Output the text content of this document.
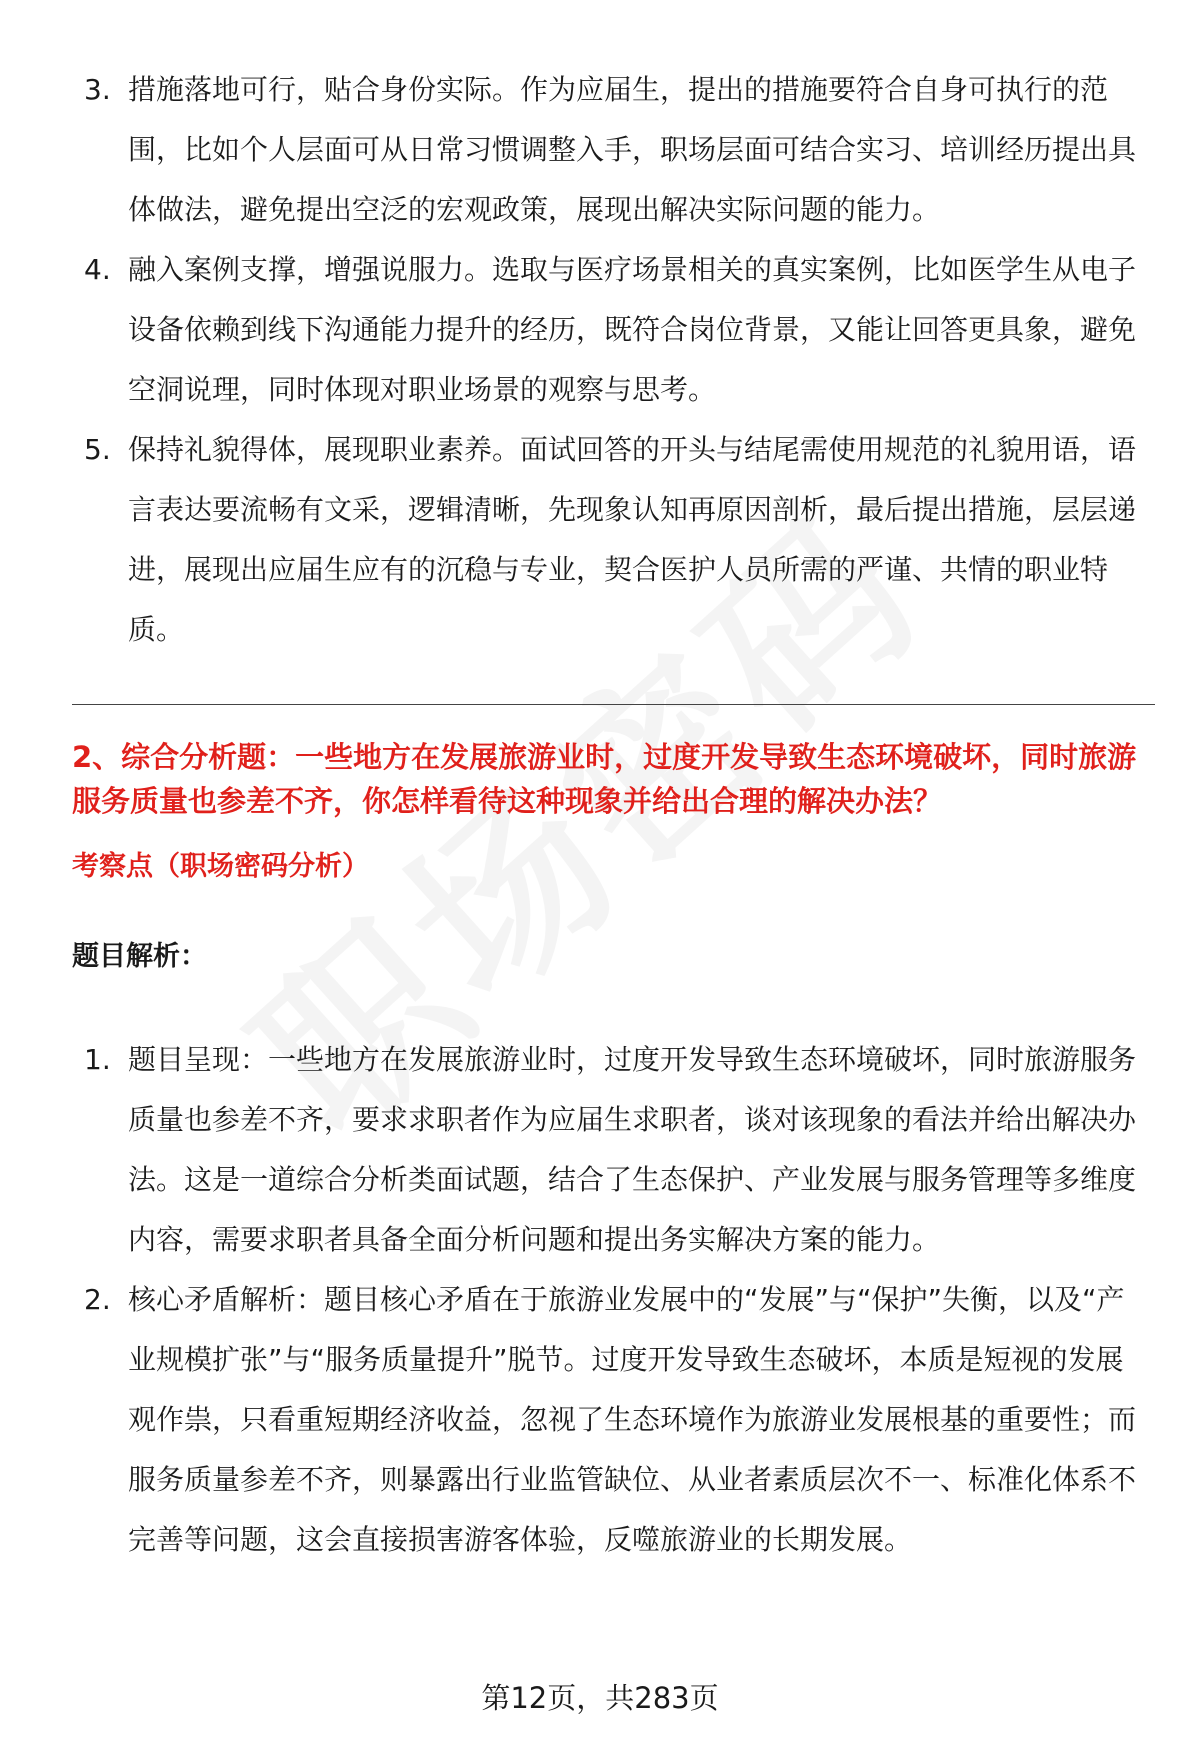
3. 措施落地可行，贴合身份实际。作为应届生，提出的措施要符合自身可执行的范围，比如个人层面可从日常习惯调整入手，职场层面可结合实习、培训经历提出具体做法，避免提出空泛的宏观政策，展现出解决实际问题的能力。
4. 融入案例支撑，增强说服力。选取与医疗场景相关的真实案例，比如医学生从电子设备依赖到线下沟通能力提升的经历，既符合岗位背景，又能让回答更具象，避免空洞说理，同时体现对职业场景的观察与思考。
5. 保持礼貌得体，展现职业素养。面试回答的开头与结尾需使用规范的礼貌用语，语言表达要流畅有文采，逻辑清晰，先现象认知再原因剖析，最后提出措施，层层递进，展现出应届生应有的沉稳与专业，契合医护人员所需的严谨、共情的职业特质。

2、综合分析题：一些地方在发展旅游业时，过度开发导致生态环境破坏，同时旅游服务质量也参差不齐，你怎样看待这种现象并给出合理的解决办法？

考察点（职场密码分析）

题目解析：

1. 题目呈现：一些地方在发展旅游业时，过度开发导致生态环境破坏，同时旅游服务质量也参差不齐，要求求职者作为应届生求职者，谈对该现象的看法并给出解决办法。这是一道综合分析类面试题，结合了生态保护、产业发展与服务管理等多维度内容，需要求职者具备全面分析问题和提出务实解决方案的能力。
2. 核心矛盾解析：题目核心矛盾在于旅游业发展中的“发展”与“保护”失衡，以及“产业规模扩张”与“服务质量提升”脱节。过度开发导致生态破坏，本质是短视的发展观作祟，只看重短期经济收益，忽视了生态环境作为旅游业发展根基的重要性；而服务质量参差不齐，则暴露出行业监管缺位、从业者素质层次不一、标准化体系不完善等问题，这会直接损害游客体验，反噬旅游业的长期发展。
第12页，共283页
